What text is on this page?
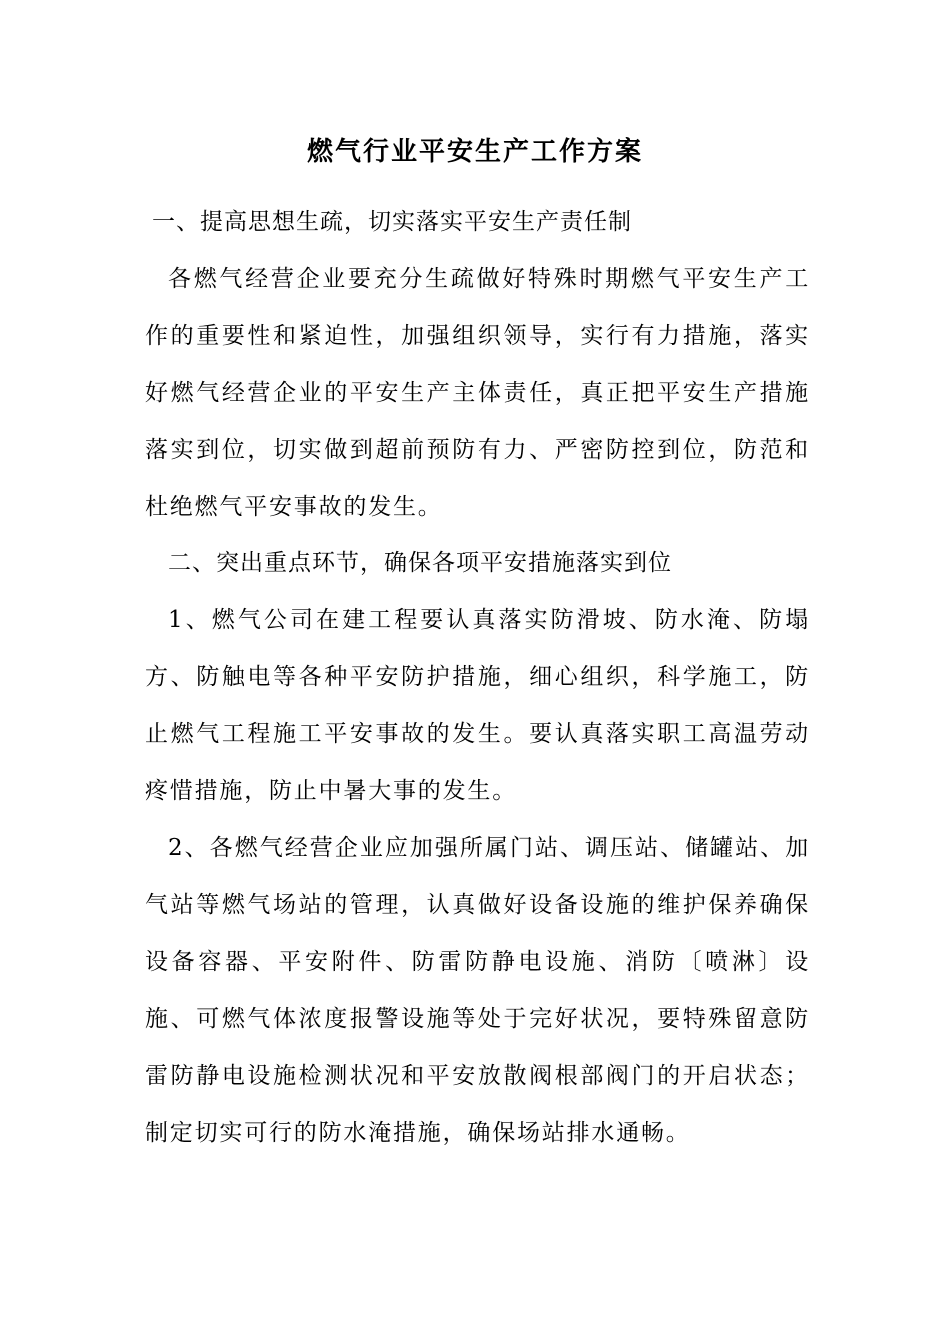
燃气行业平安生产工作方案
一、提高思想生疏，切实落实平安生产责任制
各燃气经营企业要充分生疏做好特殊时期燃气平安生产工作的重要性和紧迫性，加强组织领导，实行有力措施，落实好燃气经营企业的平安生产主体责任，真正把平安生产措施落实到位，切实做到超前预防有力、严密防控到位，防范和杜绝燃气平安事故的发生。
二、突出重点环节，确保各项平安措施落实到位
1、燃气公司在建工程要认真落实防滑坡、防水淹、防塌方、防触电等各种平安防护措施，细心组织，科学施工，防止燃气工程施工平安事故的发生。要认真落实职工高温劳动疼惜措施，防止中暑大事的发生。
2、各燃气经营企业应加强所属门站、调压站、储罐站、加气站等燃气场站的管理，认真做好设备设施的维护保养确保设备容器、平安附件、防雷防静电设施、消防〔喷淋〕设施、可燃气体浓度报警设施等处于完好状况，要特殊留意防雷防静电设施检测状况和平安放散阀根部阀门的开启状态；制定切实可行的防水淹措施，确保场站排水通畅。
